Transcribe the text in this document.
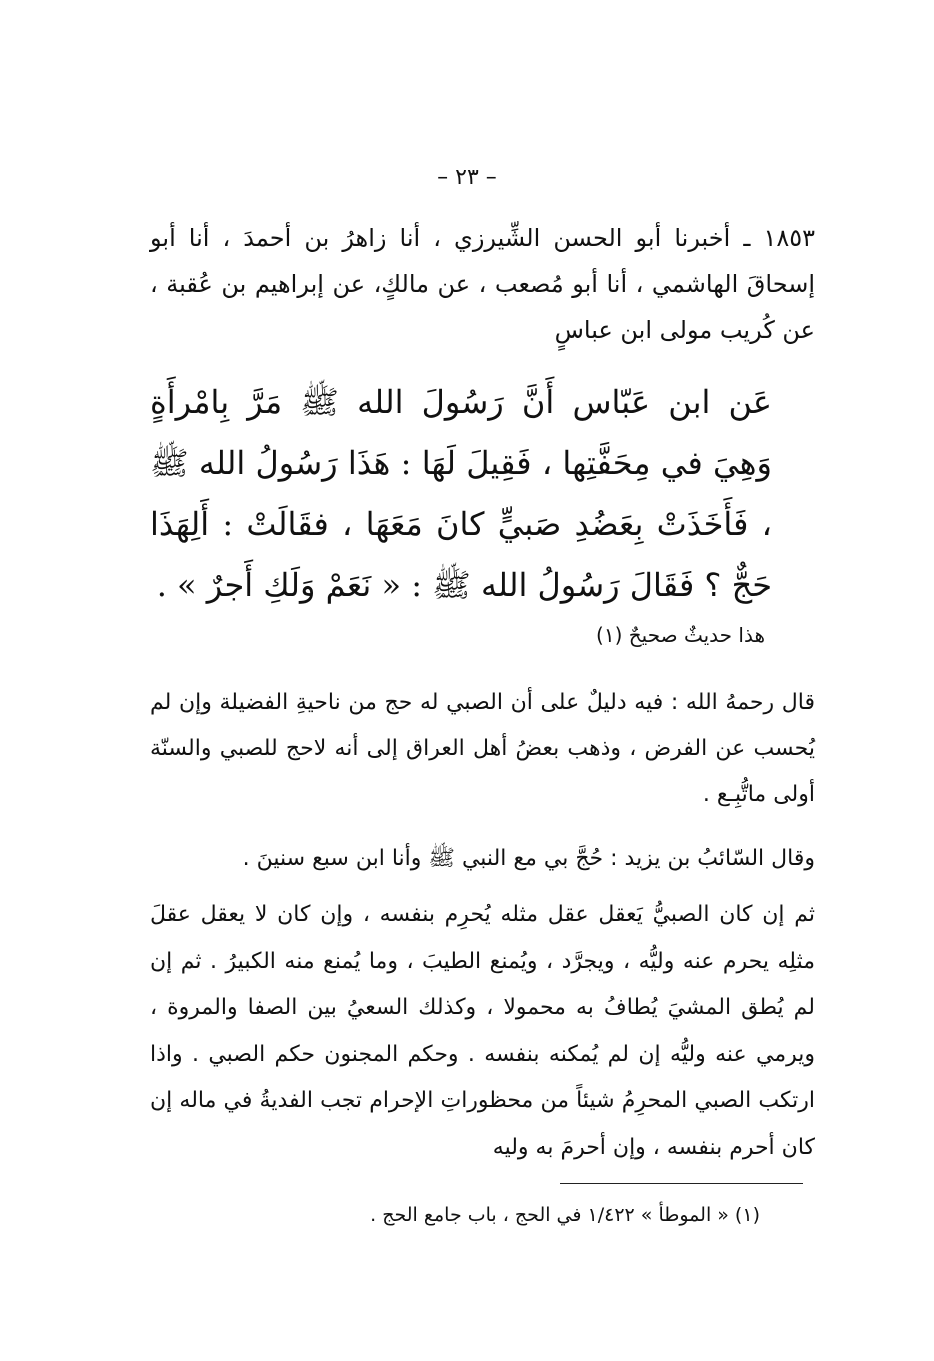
– ٢٣ –
١٨٥٣ ـ أخبرنا أبو الحسن الشِّيرزي ، أنا زاهرُ بن أحمدَ ، أنا أبو إسحاقَ الهاشمي ، أنا أبو مُصعب ، عن مالكٍ، عن إبراهيم بن عُقبة ، عن كُريب مولى ابن عباسٍ
عَن ابن عَبّاس أَنَّ رَسُولَ الله ﷺ مَرَّ بِامْرأَةٍ وَهِيَ في مِحَفَّتِها ، فَقِيلَ لَهَا : هَذَا رَسُولُ الله ﷺ ، فَأَخَذَتْ بِعَضُدِ صَبيٍّ كانَ مَعَهَا ، فقَالَتْ : أَلِهَذَا حَجٌّ ؟ فَقَالَ رَسُولُ الله ﷺ : « نَعَمْ وَلَكِ أَجرٌ » .
هذا حديثٌ صحيحٌ (١)
قال رحمهُ الله : فيه دليلٌ على أن الصبي له حج من ناحيةِ الفضيلة وإن لم يُحسب عن الفرض ، وذهب بعضُ أهل العراق إلى أنه لاحج للصبي والسنّة أولى ماتُّبِـع .
وقال السّائبُ بن يزيد : حُجَّ بي مع النبي ﷺ وأنا ابن سبع سنينَ .
ثم إن كان الصبيُّ يَعقل عقل مثله يُحرِم بنفسه ، وإن كان لا يعقل عقلَ مثلِه يحرم عنه وليُّه ، ويجرَّد ، ويُمنع الطيبَ ، وما يُمنع منه الكبيرُ . ثم إن لم يُطق المشيَ يُطافُ به محمولا ، وكذلك السعيُ بين الصفا والمروة ، ويرمي عنه وليُّه إن لم يُمكنه بنفسه . وحكم المجنون حكم الصبي . واذا ارتكب الصبي المحرِمُ شيئاً من محظوراتِ الإحرام تجب الفديةُ في ماله إن كان أحرم بنفسه ، وإن أحرمَ به وليه
(١) « الموطأ » ١/٤٢٢ في الحج ، باب جامع الحج .
